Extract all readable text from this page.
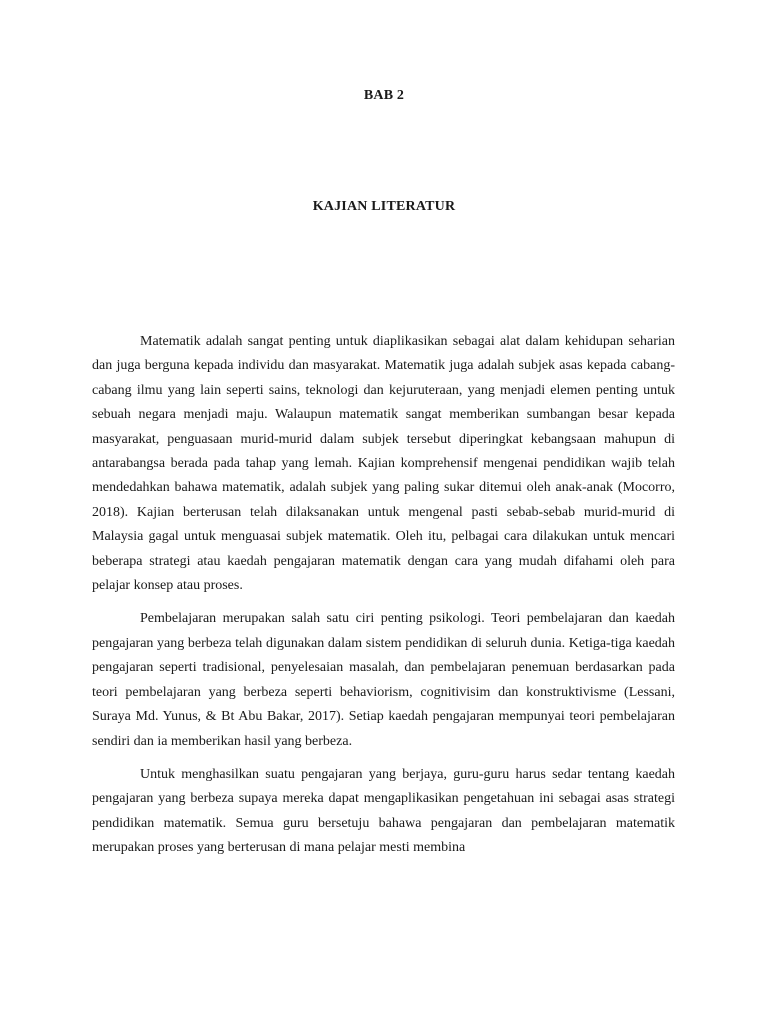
BAB 2
KAJIAN LITERATUR

Matematik adalah sangat penting untuk diaplikasikan sebagai alat dalam kehidupan seharian dan juga berguna kepada individu dan masyarakat. Matematik juga adalah subjek asas kepada cabang-cabang ilmu yang lain seperti sains, teknologi dan kejuruteraan, yang menjadi elemen penting untuk sebuah negara menjadi maju. Walaupun matematik sangat memberikan sumbangan besar kepada masyarakat, penguasaan murid-murid dalam subjek tersebut diperingkat kebangsaan mahupun di antarabangsa berada pada tahap yang lemah. Kajian komprehensif mengenai pendidikan wajib telah mendedahkan bahawa matematik, adalah subjek yang paling sukar ditemui oleh anak-anak (Mocorro, 2018). Kajian berterusan telah dilaksanakan untuk mengenal pasti sebab-sebab murid-murid di Malaysia gagal untuk menguasai subjek matematik. Oleh itu, pelbagai cara dilakukan untuk mencari beberapa strategi atau kaedah pengajaran matematik dengan cara yang mudah difahami oleh para pelajar konsep atau proses.

Pembelajaran merupakan salah satu ciri penting psikologi. Teori pembelajaran dan kaedah pengajaran yang berbeza telah digunakan dalam sistem pendidikan di seluruh dunia. Ketiga-tiga kaedah pengajaran seperti tradisional, penyelesaian masalah, dan pembelajaran penemuan berdasarkan pada teori pembelajaran yang berbeza seperti behaviorism, cognitivisim dan konstruktivisme (Lessani, Suraya Md. Yunus, & Bt Abu Bakar, 2017). Setiap kaedah pengajaran mempunyai teori pembelajaran sendiri dan ia memberikan hasil yang berbeza.

Untuk menghasilkan suatu pengajaran yang berjaya, guru-guru harus sedar tentang kaedah pengajaran yang berbeza supaya mereka dapat mengaplikasikan pengetahuan ini sebagai asas strategi pendidikan matematik. Semua guru bersetuju bahawa pengajaran dan pembelajaran matematik merupakan proses yang berterusan di mana pelajar mesti membina
